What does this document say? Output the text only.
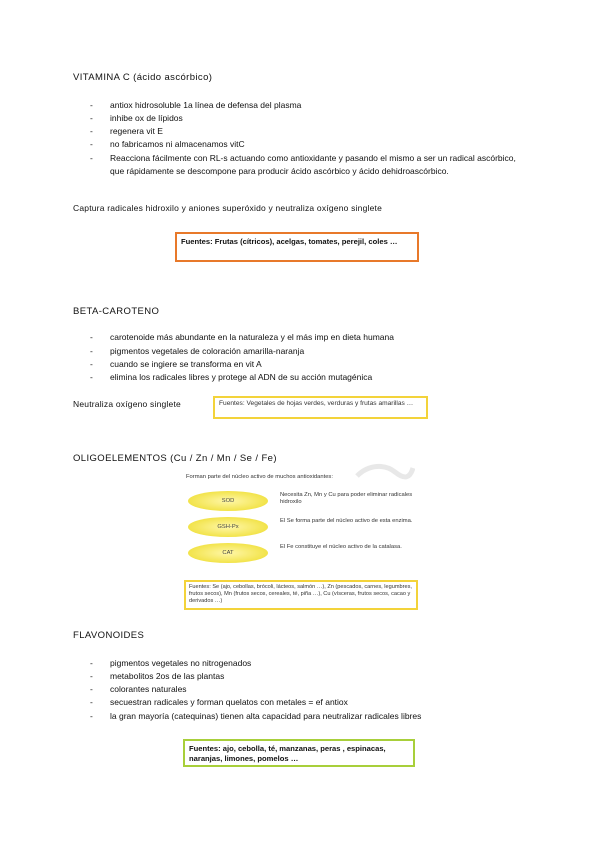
VITAMINA C (ácido ascórbico)
- antiox hidrosoluble 1a línea de defensa del plasma
- inhibe ox de lípidos
- regenera vit E
- no fabricamos ni almacenamos vitC
- Reacciona fácilmente con RL-s actuando como antioxidante y pasando el mismo a ser un radical ascórbico, que rápidamente se descompone para producir ácido ascórbico y ácido dehidroascórbico.
Captura radicales hidroxilo y aniones superóxido y neutraliza oxígeno singlete
Fuentes: Frutas (cítricos), acelgas, tomates, perejil, coles …
BETA-CAROTENO
- carotenoide más abundante en la naturaleza y el más imp en dieta humana
- pigmentos vegetales de coloración amarilla-naranja
- cuando se ingiere se transforma en vit A
- elimina los radicales libres y protege al ADN de su acción mutagénica
Neutraliza oxígeno singlete	Fuentes: Vegetales de hojas verdes, verduras y frutas amarillas …
OLIGOELEMENTOS (Cu / Zn / Mn / Se / Fe)
Forman parte del núcleo activo de muchos antioxidantes:
SOD
Necesita Zn, Mn y Cu para poder eliminar radicales hidroxilo
GSH-Px
El Se forma parte del núcleo activo de esta enzima.
CAT
El Fe constituye el núcleo activo de la catalasa.
Fuentes: Se (ajo, cebollas, brócoli, lácteos, salmón …), Zn (pescados, carnes, legumbres, frutos secos), Mn (frutos secos, cereales, té, piña …), Cu (vísceras, frutos secos, cacao y derivados …)
FLAVONOIDES
- pigmentos vegetales no nitrogenados
- metabolitos 2os de las plantas
- colorantes naturales
- secuestran radicales y forman quelatos con metales = ef antiox
- la gran mayoría (catequinas) tienen alta capacidad para neutralizar radicales libres
Fuentes: ajo, cebolla, té, manzanas, peras , espinacas, naranjas, limones, pomelos …
